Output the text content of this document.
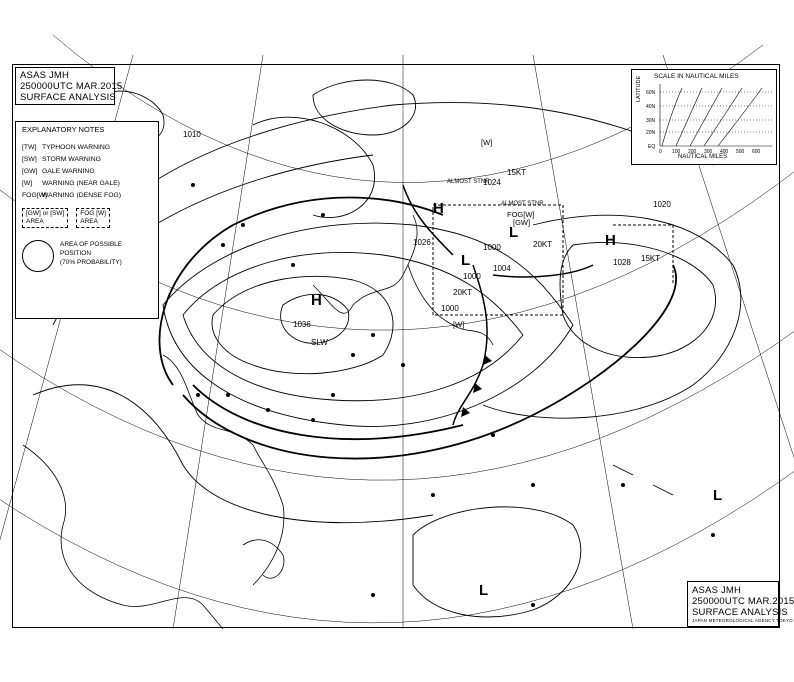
L
L
H
H
H
L
L
1026
1000
1004
1036
1028
1000
1020
1024
1000
1010
15KT
20KT
20KT
15KT
SLW
[GW]
FOG[W]
[W]
[W]
ALMOST STNR
ALMOST STNR
ASAS JMH
250000UTC MAR.2015
SURFACE ANALYSIS
EXPLANATORY NOTES
[TW] TYPHOON WARNING
[SW] STORM WARNING
[GW] GALE WARNING
[W]	WARNING (NEAR GALE)
FOG[W]
WARNING (DENSE FOG)
[GW] or [SW]
AREA
FOG [W]
AREA
AREA OF POSSIBLE
POSITION
(70% PROBABILITY)
SCALE IN NAUTICAL MILES
LATITUDE 60N
40N
30N
20N
EQ
0 100 200 300 400 500 600
NAUTICAL MILES
ASAS JMH
250000UTC MAR.2015
SURFACE ANALYSIS
JAPAN METEOROLOGICAL AGENCY TOKYO
